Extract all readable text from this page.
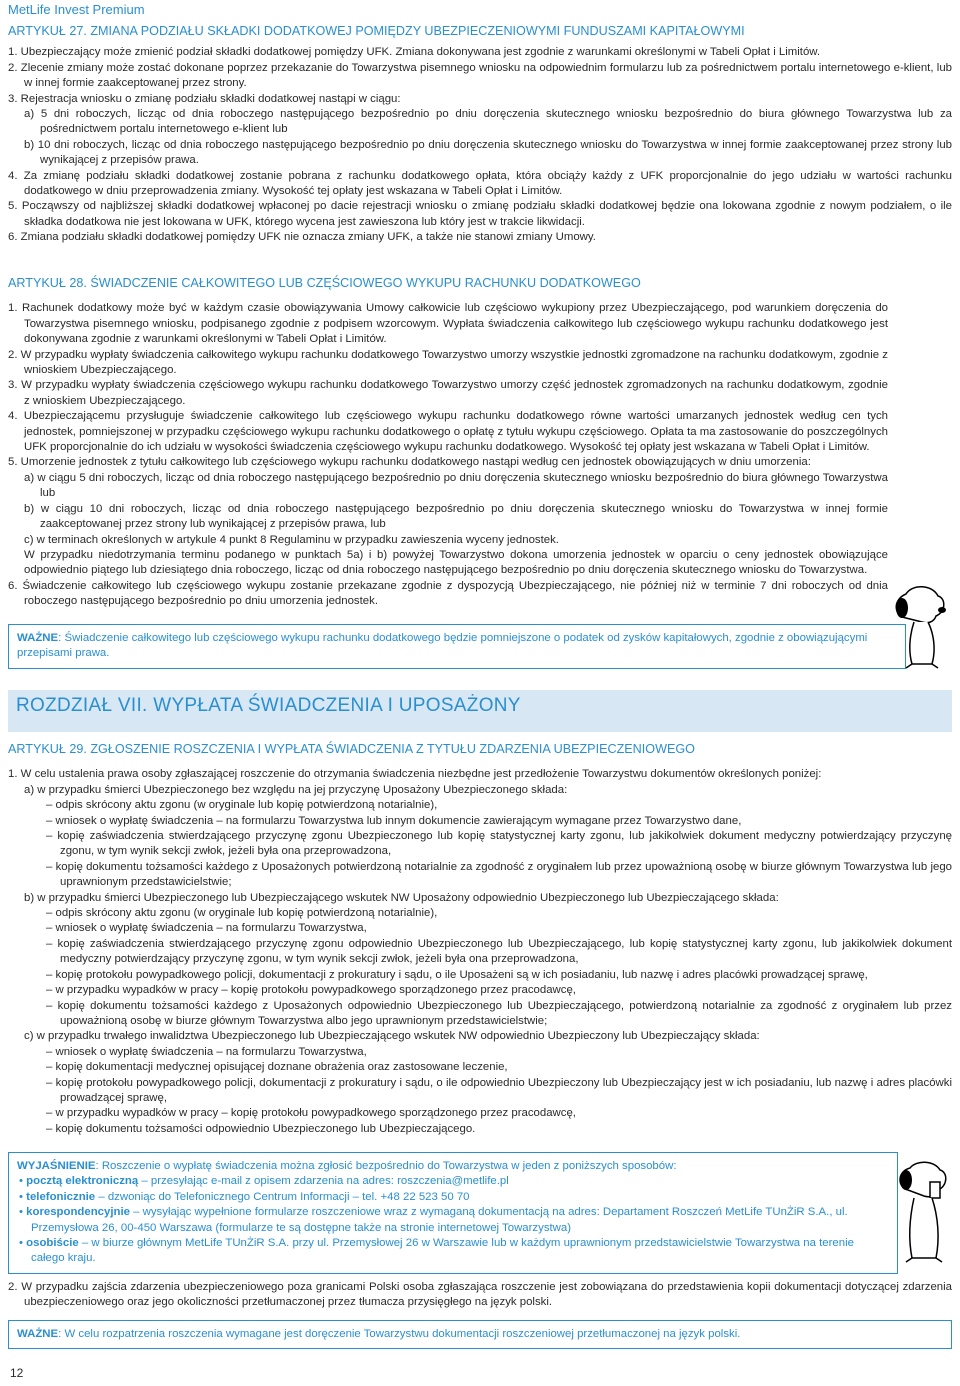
MetLife Invest Premium
ARTYKUŁ 27. ZMIANA PODZIAŁU SKŁADKI DODATKOWEJ POMIĘDZY UBEZPIECZENIOWYMI FUNDUSZAMI KAPITAŁOWYMI

1. Ubezpieczający może zmienić podział składki dodatkowej pomiędzy UFK. Zmiana dokonywana jest zgodnie z warunkami określonymi w Tabeli Opłat i Limitów.

2. Zlecenie zmiany może zostać dokonane poprzez przekazanie do Towarzystwa pisemnego wniosku na odpowiednim formularzu lub za pośrednictwem portalu internetowego e-klient, lub w innej formie zaakceptowanej przez strony.

3. Rejestracja wniosku o zmianę podziału składki dodatkowej nastąpi w ciągu:

a) 5 dni roboczych, licząc od dnia roboczego następującego bezpośrednio po dniu doręczenia skutecznego wniosku bezpośrednio do biura głównego Towarzystwa lub za pośrednictwem portalu internetowego e-klient lub

b) 10 dni roboczych, licząc od dnia roboczego następującego bezpośrednio po dniu doręczenia skutecznego wniosku do Towarzystwa w innej formie zaakceptowanej przez strony lub wynikającej z przepisów prawa.

4. Za zmianę podziału składki dodatkowej zostanie pobrana z rachunku dodatkowego opłata, która obciąży każdy z UFK proporcjonalnie do jego udziału w wartości rachunku dodatkowego w dniu przeprowadzenia zmiany. Wysokość tej opłaty jest wskazana w Tabeli Opłat i Limitów.

5. Począwszy od najbliższej składki dodatkowej wpłaconej po dacie rejestracji wniosku o zmianę podziału składki dodatkowej będzie ona lokowana zgodnie z nowym podziałem, o ile składka dodatkowa nie jest lokowana w UFK, którego wycena jest zawieszona lub który jest w trakcie likwidacji.

6. Zmiana podziału składki dodatkowej pomiędzy UFK nie oznacza zmiany UFK, a także nie stanowi zmiany Umowy.

ARTYKUŁ 28. ŚWIADCZENIE CAŁKOWITEGO LUB CZĘŚCIOWEGO WYKUPU RACHUNKU DODATKOWEGO

1. Rachunek dodatkowy może być w każdym czasie obowiązywania Umowy całkowicie lub częściowo wykupiony przez Ubezpieczającego, pod warunkiem doręczenia do Towarzystwa pisemnego wniosku, podpisanego zgodnie z podpisem wzorcowym. Wypłata świadczenia całkowitego lub częściowego wykupu rachunku dodatkowego jest dokonywana zgodnie z warunkami określonymi w Tabeli Opłat i Limitów.

2. W przypadku wypłaty świadczenia całkowitego wykupu rachunku dodatkowego Towarzystwo umorzy wszystkie jednostki zgromadzone na rachunku dodatkowym, zgodnie z wnioskiem Ubezpieczającego.

3. W przypadku wypłaty świadczenia częściowego wykupu rachunku dodatkowego Towarzystwo umorzy część jednostek zgromadzonych na rachunku dodatkowym, zgodnie z wnioskiem Ubezpieczającego.

4. Ubezpieczającemu przysługuje świadczenie całkowitego lub częściowego wykupu rachunku dodatkowego równe wartości umarzanych jednostek według cen tych jednostek, pomniejszonej w przypadku częściowego wykupu rachunku dodatkowego o opłatę z tytułu wykupu częściowego. Opłata ta ma zastosowanie do poszczególnych UFK proporcjonalnie do ich udziału w wysokości świadczenia częściowego wykupu rachunku dodatkowego. Wysokość tej opłaty jest wskazana w Tabeli Opłat i Limitów.

5. Umorzenie jednostek z tytułu całkowitego lub częściowego wykupu rachunku dodatkowego nastąpi według cen jednostek obowiązujących w dniu umorzenia:

a) w ciągu 5 dni roboczych, licząc od dnia roboczego następującego bezpośrednio po dniu doręczenia skutecznego wniosku bezpośrednio do biura głównego Towarzystwa lub

b) w ciągu 10 dni roboczych, licząc od dnia roboczego następującego bezpośrednio po dniu doręczenia skutecznego wniosku do Towarzystwa w innej formie zaakceptowanej przez strony lub wynikającej z przepisów prawa, lub

c) w terminach określonych w artykule 4 punkt 8 Regulaminu w przypadku zawieszenia wyceny jednostek.

W przypadku niedotrzymania terminu podanego w punktach 5a) i b) powyżej Towarzystwo dokona umorzenia jednostek w oparciu o ceny jednostek obowiązujące odpowiednio piątego lub dziesiątego dnia roboczego, licząc od dnia roboczego następującego bezpośrednio po dniu doręczenia skutecznego wniosku do Towarzystwa.

6. Świadczenie całkowitego lub częściowego wykupu zostanie przekazane zgodnie z dyspozycją Ubezpieczającego, nie później niż w terminie 7 dni roboczych od dnia roboczego następującego bezpośrednio po dniu umorzenia jednostek.

WAŻNE: Świadczenie całkowitego lub częściowego wykupu rachunku dodatkowego będzie pomniejszone o podatek od zysków kapitałowych, zgodnie z obowiązującymi przepisami prawa.
ROZDZIAŁ VII. WYPŁATA ŚWIADCZENIA I UPOSAŻONY
ARTYKUŁ 29. ZGŁOSZENIE ROSZCZENIA I WYPŁATA ŚWIADCZENIA Z TYTUŁU ZDARZENIA UBEZPIECZENIOWEGO

1. W celu ustalenia prawa osoby zgłaszającej roszczenie do otrzymania świadczenia niezbędne jest przedłożenie Towarzystwu dokumentów określonych poniżej:

a) w przypadku śmierci Ubezpieczonego bez względu na jej przyczynę Uposażony Ubezpieczonego składa:

– odpis skrócony aktu zgonu (w oryginale lub kopię potwierdzoną notarialnie),

– wniosek o wypłatę świadczenia – na formularzu Towarzystwa lub innym dokumencie zawierającym wymagane przez Towarzystwo dane,

– kopię zaświadczenia stwierdzającego przyczynę zgonu Ubezpieczonego lub kopię statystycznej karty zgonu, lub jakikolwiek dokument medyczny potwierdzający przyczynę zgonu, w tym wynik sekcji zwłok, jeżeli była ona przeprowadzona,

– kopię dokumentu tożsamości każdego z Uposażonych potwierdzoną notarialnie za zgodność z oryginałem lub przez upoważnioną osobę w biurze głównym Towarzystwa lub jego uprawnionym przedstawicielstwie;

b) w przypadku śmierci Ubezpieczonego lub Ubezpieczającego wskutek NW Uposażony odpowiednio Ubezpieczonego lub Ubezpieczającego składa:

– odpis skrócony aktu zgonu (w oryginale lub kopię potwierdzoną notarialnie),

– wniosek o wypłatę świadczenia – na formularzu Towarzystwa,

– kopię zaświadczenia stwierdzającego przyczynę zgonu odpowiednio Ubezpieczonego lub Ubezpieczającego, lub kopię statystycznej karty zgonu, lub jakikolwiek dokument medyczny potwierdzający przyczynę zgonu, w tym wynik sekcji zwłok, jeżeli była ona przeprowadzona,

– kopię protokołu powypadkowego policji, dokumentacji z prokuratury i sądu, o ile Uposażeni są w ich posiadaniu, lub nazwę i adres placówki prowadzącej sprawę,

– w przypadku wypadków w pracy – kopię protokołu powypadkowego sporządzonego przez pracodawcę,

– kopię dokumentu tożsamości każdego z Uposażonych odpowiednio Ubezpieczonego lub Ubezpieczającego, potwierdzoną notarialnie za zgodność z oryginałem lub przez upoważnioną osobę w biurze głównym Towarzystwa albo jego uprawnionym przedstawicielstwie;

c) w przypadku trwałego inwalidztwa Ubezpieczonego lub Ubezpieczającego wskutek NW odpowiednio Ubezpieczony lub Ubezpieczający składa:

– wniosek o wypłatę świadczenia – na formularzu Towarzystwa,

– kopię dokumentacji medycznej opisującej doznane obrażenia oraz zastosowane leczenie,

– kopię protokołu powypadkowego policji, dokumentacji z prokuratury i sądu, o ile odpowiednio Ubezpieczony lub Ubezpieczający jest w ich posiadaniu, lub nazwę i adres placówki prowadzącej sprawę,

– w przypadku wypadków w pracy – kopię protokołu powypadkowego sporządzonego przez pracodawcę,

– kopię dokumentu tożsamości odpowiednio Ubezpieczonego lub Ubezpieczającego.

WYJAŚNIENIE: Roszczenie o wypłatę świadczenia można zgłosić bezpośrednio do Towarzystwa w jeden z poniższych sposobów:
• pocztą elektroniczną – przesyłając e-mail z opisem zdarzenia na adres: roszczenia@metlife.pl
• telefonicznie – dzwoniąc do Telefonicznego Centrum Informacji – tel. +48 22 523 50 70
• korespondencyjnie – wysyłając wypełnione formularze roszczeniowe wraz z wymaganą dokumentacją na adres: Departament Roszczeń MetLife TUnŻiR S.A., ul. Przemysłowa 26, 00-450 Warszawa (formularze te są dostępne także na stronie internetowej Towarzystwa)
• osobiście – w biurze głównym MetLife TUnŻiR S.A. przy ul. Przemysłowej 26 w Warszawie lub w każdym uprawnionym przedstawicielstwie Towarzystwa na terenie całego kraju.

2. W przypadku zajścia zdarzenia ubezpieczeniowego poza granicami Polski osoba zgłaszająca roszczenie jest zobowiązana do przedstawienia kopii dokumentacji dotyczącej zdarzenia ubezpieczeniowego oraz jego okoliczności przetłumaczonej przez tłumacza przysięgłego na język polski.

WAŻNE: W celu rozpatrzenia roszczenia wymagane jest doręczenie Towarzystwu dokumentacji roszczeniowej przetłumaczonej na język polski.
12
